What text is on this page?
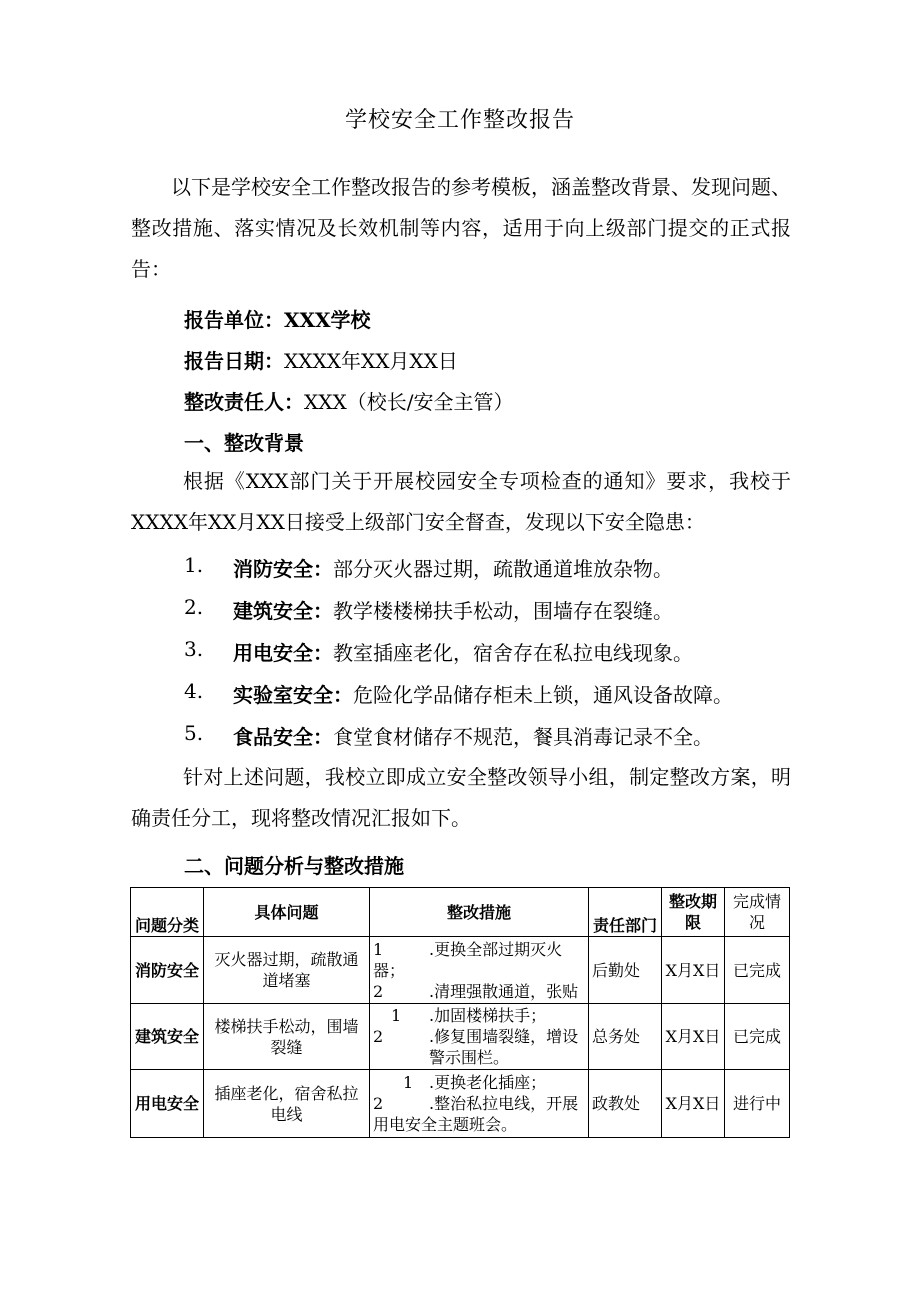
学校安全工作整改报告
以下是学校安全工作整改报告的参考模板，涵盖整改背景、发现问题、整改措施、落实情况及长效机制等内容，适用于向上级部门提交的正式报告：
报告单位：XXX学校
报告日期：XXXX年XX月XX日
整改责任人：XXX（校长/安全主管）
一、整改背景
根据《XXX部门关于开展校园安全专项检查的通知》要求，我校于XXXX年XX月XX日接受上级部门安全督查，发现以下安全隐患：
1. 消防安全：部分灭火器过期，疏散通道堆放杂物。
2. 建筑安全：教学楼楼梯扶手松动，围墙存在裂缝。
3. 用电安全：教室插座老化，宿舍存在私拉电线现象。
4. 实验室安全：危险化学品储存柜未上锁，通风设备故障。
5. 食品安全：食堂食材储存不规范，餐具消毒记录不全。
针对上述问题，我校立即成立安全整改领导小组，制定整改方案，明确责任分工，现将整改情况汇报如下。
二、问题分析与整改措施
问题分类	具体问题	整改措施	责任部门	整改期限	完成情况
消防安全	灭火器过期，疏散通道堵塞	1 .更换全部过期灭火
器；
2 .清理强散通道，张贴	后勤处	X月X日	已完成
建筑安全	楼梯扶手松动，围墙裂缝	1 .加固楼梯扶手；
2 .修复围墙裂缝，增设
警示围栏。	总务处	X月X日	已完成
用电安全	插座老化，宿舍私拉电线	1 .更换老化插座；
2 .整治私拉电线，开展
用电安全主题班会。	政教处	X月X日	进行中
